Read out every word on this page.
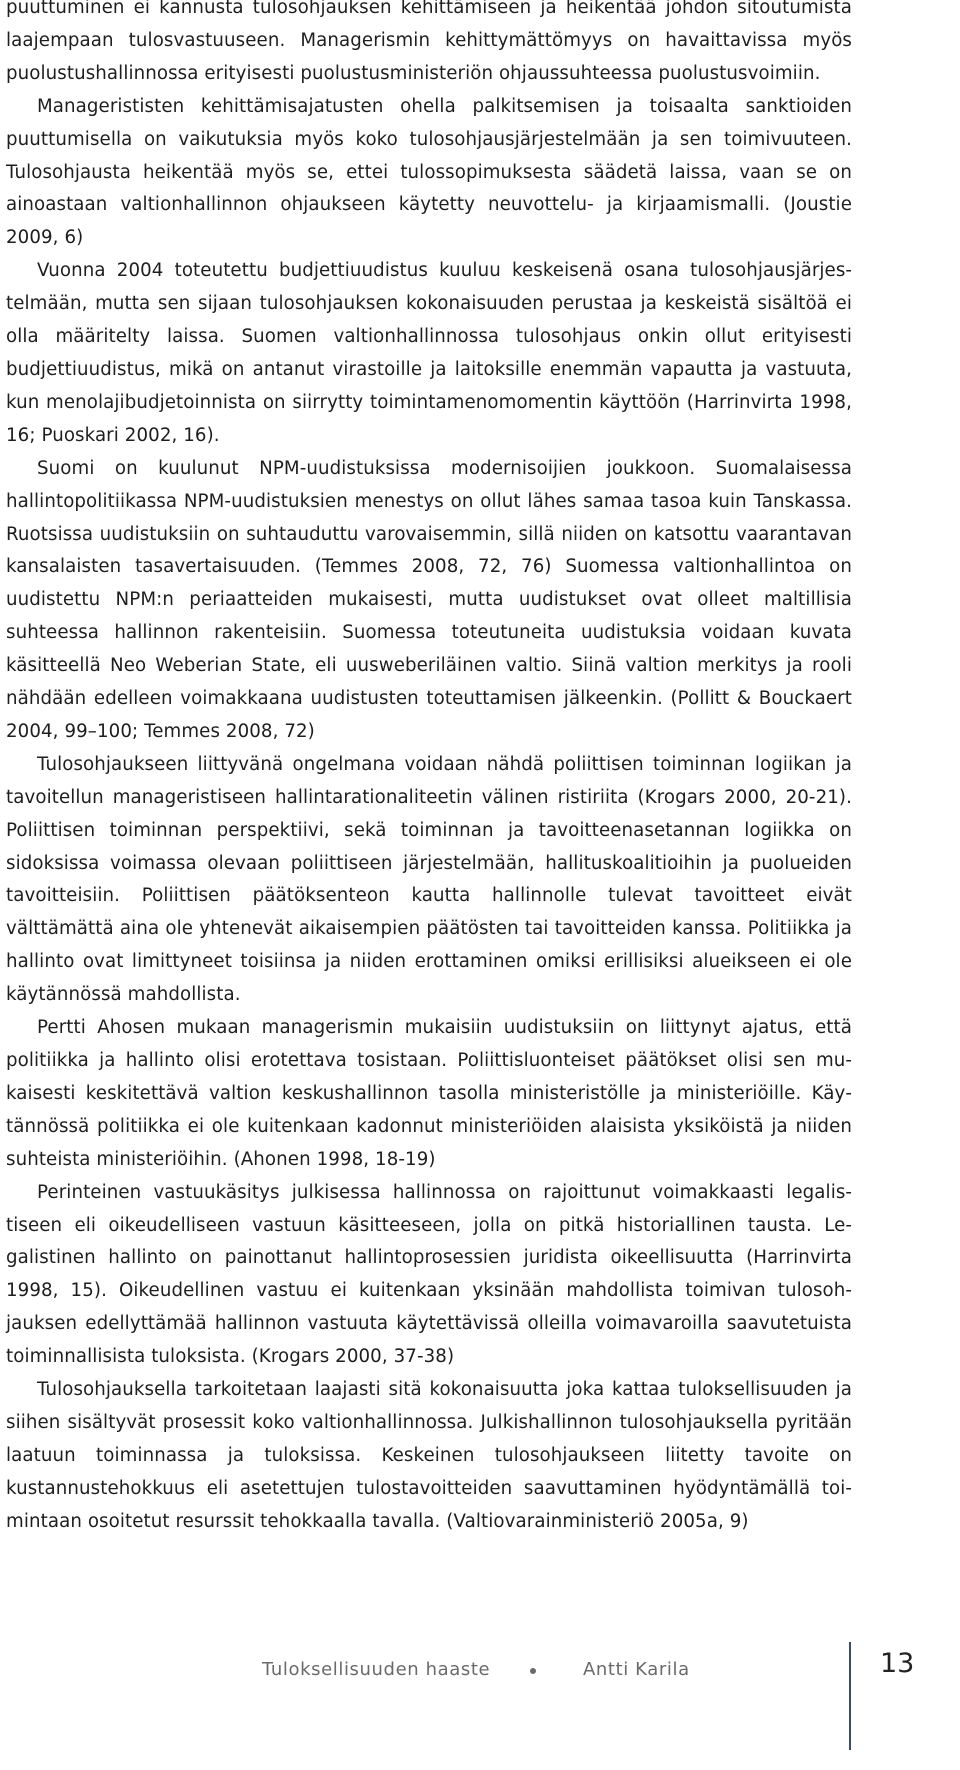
puuttuminen ei kannusta tulosohjauksen kehittämiseen ja heikentää johdon sitoutumista laajempaan tulosvastuuseen. Managerismin kehittymättömyys on havaittavissa myös puolustushallinnossa erityisesti puolustusministeriön ohjaussuhteessa puolustusvoimiin.

Managerististen kehittämisajatusten ohella palkitsemisen ja toisaalta sanktioiden puuttumisella on vaikutuksia myös koko tulosohjausjärjestelmään ja sen toimivuuteen. Tulosohjausta heikentää myös se, ettei tulossopimuksesta säädetä laissa, vaan se on ainoastaan valtionhallinnon ohjaukseen käytetty neuvottelu- ja kirjaamismalli. (Joustie 2009, 6)

Vuonna 2004 toteutettu budjettiuudistus kuuluu keskeisenä osana tulosohjausjärjestelmään, mutta sen sijaan tulosohjauksen kokonaisuuden perustaa ja keskeistä sisältöä ei olla määritelty laissa. Suomen valtionhallinnossa tulosohjaus onkin ollut erityisesti budjettiuudistus, mikä on antanut virastoille ja laitoksille enemmän vapautta ja vastuuta, kun menolajibudjetoinnista on siirrytty toimintamenomomentin käyttöön (Harrinvirta 1998, 16; Puoskari 2002, 16).

Suomi on kuulunut NPM-uudistuksissa modernisoijien joukkoon. Suomalaisessa hallintopolitiikassa NPM-uudistuksien menestys on ollut lähes samaa tasoa kuin Tanskassa. Ruotsissa uudistuksiin on suhtauduttu varovaisemmin, sillä niiden on katsottu vaarantavan kansalaisten tasavertaisuuden. (Temmes 2008, 72, 76) Suomessa valtionhallintoa on uudistettu NPM:n periaatteiden mukaisesti, mutta uudistukset ovat olleet maltillisia suhteessa hallinnon rakenteisiin. Suomessa toteutuneita uudistuksia voidaan kuvata käsitteellä Neo Weberian State, eli uusweberiläinen valtio. Siinä valtion merkitys ja rooli nähdään edelleen voimakkaana uudistusten toteuttamisen jälkeenkin. (Pollitt & Bouckaert 2004, 99–100; Temmes 2008, 72)

Tulosohjaukseen liittyvänä ongelmana voidaan nähdä poliittisen toiminnan logiikan ja tavoitellun manageristiseen hallintarationaliteetin välinen ristiriita (Krogars 2000, 20-21). Poliittisen toiminnan perspektiivi, sekä toiminnan ja tavoitteenasetannan logiikka on sidoksissa voimassa olevaan poliittiseen järjestelmään, hallituskoalitioihin ja puolueiden tavoitteisiin. Poliittisen päätöksenteon kautta hallinnolle tulevat tavoitteet eivät välttämättä aina ole yhtenevät aikaisempien päätösten tai tavoitteiden kanssa. Politiikka ja hallinto ovat limittyneet toisiinsa ja niiden erottaminen omiksi erillisiksi alueikseen ei ole käytännössä mahdollista.

Pertti Ahosen mukaan managerismin mukaisiin uudistuksiin on liittynyt ajatus, että politiikka ja hallinto olisi erotettava tosistaan. Poliittisluonteiset päätökset olisi sen mukaisesti keskitettävä valtion keskushallinnon tasolla ministeristölle ja ministeriöille. Käytännössä politiikka ei ole kuitenkaan kadonnut ministeriöiden alaisista yksiköistä ja niiden suhteista ministeriöihin. (Ahonen 1998, 18-19)

Perinteinen vastuukäsitys julkisessa hallinnossa on rajoittunut voimakkaasti legalistiseen eli oikeudelliseen vastuun käsitteeseen, jolla on pitkä historiallinen tausta. Legalistinen hallinto on painottanut hallintoprosessien juridista oikeellisuutta (Harrinvirta 1998, 15). Oikeudellinen vastuu ei kuitenkaan yksinään mahdollista toimivan tulosohjauksen edellyttämää hallinnon vastuuta käytettävissä olleilla voimavaroilla saavutetuista toiminnallisista tuloksista. (Krogars 2000, 37-38)

Tulosohjauksella tarkoitetaan laajasti sitä kokonaisuutta joka kattaa tuloksellisuuden ja siihen sisältyvät prosessit koko valtionhallinnossa. Julkishallinnon tulosohjauksella pyritään laatuun toiminnassa ja tuloksissa. Keskeinen tulosohjaukseen liitetty tavoite on kustannustehokkuus eli asetettujen tulostavoitteiden saavuttaminen hyödyntämällä toimintaan osoitetut resurssit tehokkaalla tavalla. (Valtiovarainministeriö 2005a, 9)

Tuloksellisuuden haaste	Antti Karila	13
